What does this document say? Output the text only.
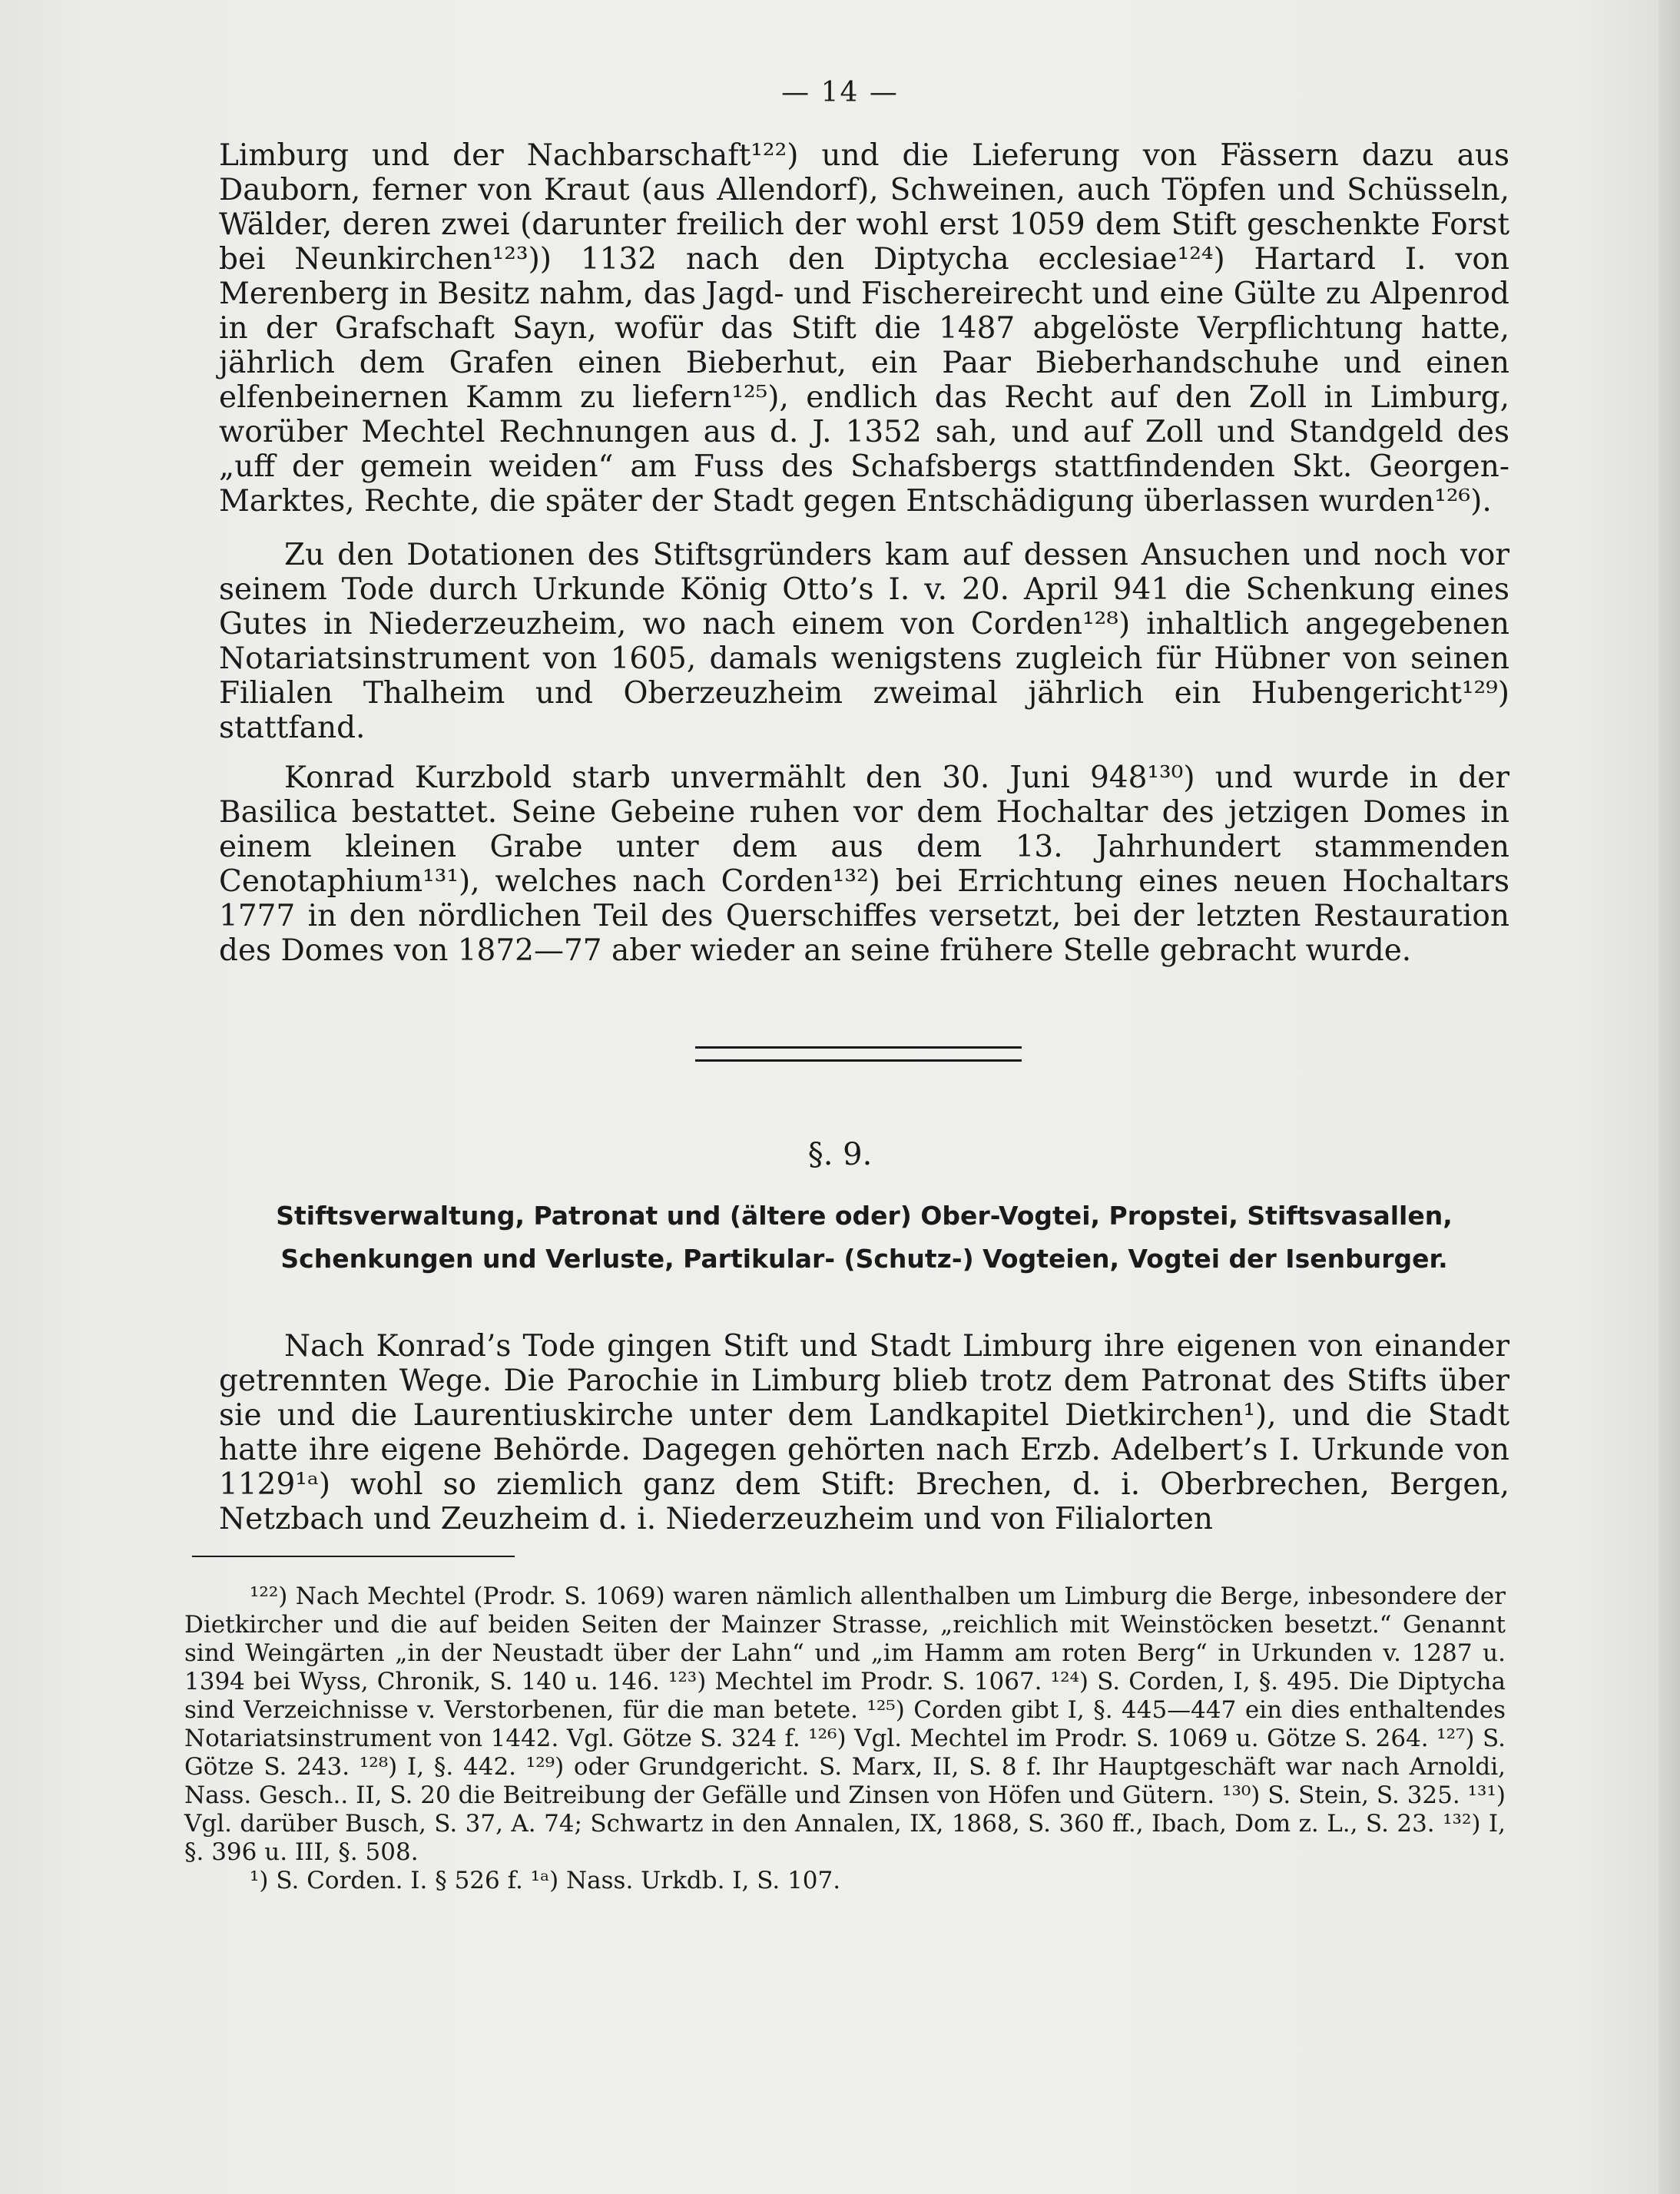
— 14 —

Limburg und der Nachbarschaft¹²²) und die Lieferung von Fässern dazu aus Dauborn, ferner von Kraut (aus Allendorf), Schweinen, auch Töpfen und Schüsseln, Wälder, deren zwei (darunter freilich der wohl erst 1059 dem Stift geschenkte Forst bei Neunkirchen¹²³)) 1132 nach den Diptycha ecclesiae¹²⁴) Hartard I. von Merenberg in Besitz nahm, das Jagd- und Fischereirecht und eine Gülte zu Alpenrod in der Grafschaft Sayn, wofür das Stift die 1487 abgelöste Verpflichtung hatte, jährlich dem Grafen einen Bieberhut, ein Paar Bieberhandschuhe und einen elfenbeinernen Kamm zu liefern¹²⁵), endlich das Recht auf den Zoll in Limburg, worüber Mechtel Rechnungen aus d. J. 1352 sah, und auf Zoll und Standgeld des „uff der gemein weiden“ am Fuss des Schafsbergs stattfindenden Skt. Georgen-Marktes, Rechte, die später der Stadt gegen Entschädigung überlassen wurden¹²⁶).

Zu den Dotationen des Stiftsgründers kam auf dessen Ansuchen und noch vor seinem Tode durch Urkunde König Otto’s I. v. 20. April 941 die Schenkung eines Gutes in Niederzeuzheim, wo nach einem von Corden¹²⁸) inhaltlich angegebenen Notariatsinstrument von 1605, damals wenigstens zugleich für Hübner von seinen Filialen Thalheim und Oberzeuzheim zweimal jährlich ein Hubengericht¹²⁹) stattfand.

Konrad Kurzbold starb unvermählt den 30. Juni 948¹³⁰) und wurde in der Basilica bestattet. Seine Gebeine ruhen vor dem Hochaltar des jetzigen Domes in einem kleinen Grabe unter dem aus dem 13. Jahrhundert stammenden Cenotaphium¹³¹), welches nach Corden¹³²) bei Errichtung eines neuen Hochaltars 1777 in den nördlichen Teil des Querschiffes versetzt, bei der letzten Restauration des Domes von 1872—77 aber wieder an seine frühere Stelle gebracht wurde.

§. 9.
Stiftsverwaltung, Patronat und (ältere oder) Ober-Vogtei, Propstei, Stiftsvasallen, Schenkungen und Verluste, Partikular- (Schutz-) Vogteien, Vogtei der Isenburger.

Nach Konrad’s Tode gingen Stift und Stadt Limburg ihre eigenen von einander getrennten Wege. Die Parochie in Limburg blieb trotz dem Patronat des Stifts über sie und die Laurentiuskirche unter dem Landkapitel Dietkirchen¹), und die Stadt hatte ihre eigene Behörde. Dagegen gehörten nach Erzb. Adelbert’s I. Urkunde von 1129¹ᵃ) wohl so ziemlich ganz dem Stift: Brechen, d. i. Oberbrechen, Bergen, Netzbach und Zeuzheim d. i. Niederzeuzheim und von Filialorten

¹²²) Nach Mechtel (Prodr. S. 1069) waren nämlich allenthalben um Limburg die Berge, inbesondere der Dietkircher und die auf beiden Seiten der Mainzer Strasse, „reichlich mit Weinstöcken besetzt.“ Genannt sind Weingärten „in der Neustadt über der Lahn“ und „im Hamm am roten Berg“ in Urkunden v. 1287 u. 1394 bei Wyss, Chronik, S. 140 u. 146. ¹²³) Mechtel im Prodr. S. 1067. ¹²⁴) S. Corden, I, §. 495. Die Diptycha sind Verzeichnisse v. Verstorbenen, für die man betete. ¹²⁵) Corden gibt I, §. 445—447 ein dies enthaltendes Notariatsinstrument von 1442. Vgl. Götze S. 324 f. ¹²⁶) Vgl. Mechtel im Prodr. S. 1069 u. Götze S. 264. ¹²⁷) S. Götze S. 243. ¹²⁸) I, §. 442. ¹²⁹) oder Grundgericht. S. Marx, II, S. 8 f. Ihr Hauptgeschäft war nach Arnoldi, Nass. Gesch.. II, S. 20 die Beitreibung der Gefälle und Zinsen von Höfen und Gütern. ¹³⁰) S. Stein, S. 325. ¹³¹) Vgl. darüber Busch, S. 37, A. 74; Schwartz in den Annalen, IX, 1868, S. 360 ff., Ibach, Dom z. L., S. 23. ¹³²) I, §. 396 u. III, §. 508.

¹) S. Corden. I. § 526 f. ¹ᵃ) Nass. Urkdb. I, S. 107.
